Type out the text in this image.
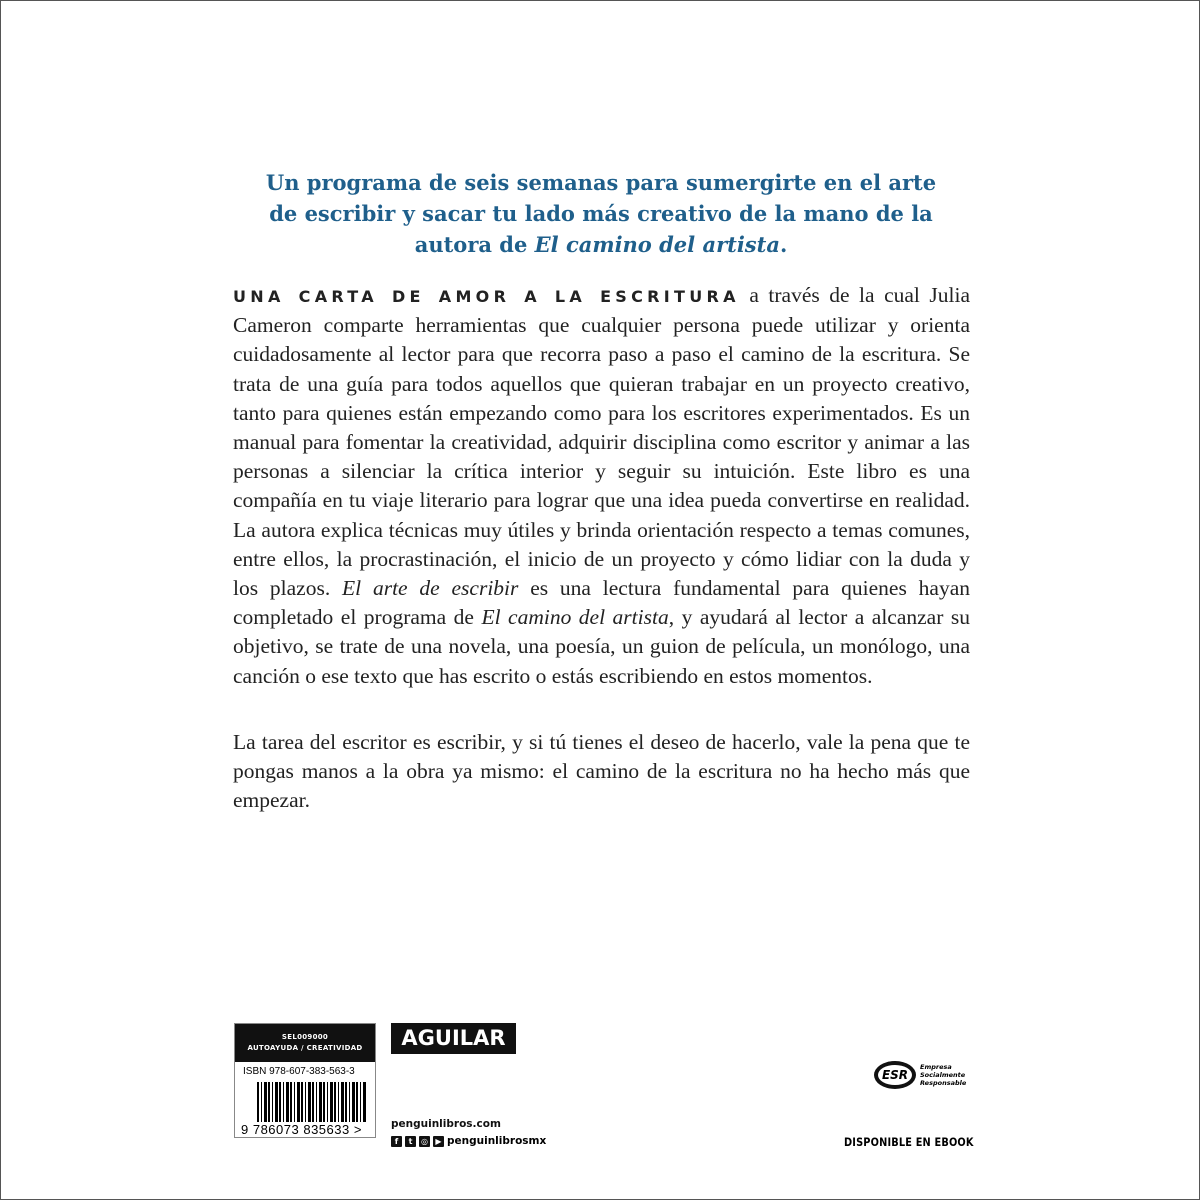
Un programa de seis semanas para sumergirte en el arte de escribir y sacar tu lado más creativo de la mano de la autora de El camino del artista.
UNA CARTA DE AMOR A LA ESCRITURA a través de la cual Julia Cameron comparte herramientas que cualquier persona puede utilizar y orienta cuidadosamente al lector para que recorra paso a paso el camino de la escritura. Se trata de una guía para todos aquellos que quieran trabajar en un proyecto creativo, tanto para quienes están empezando como para los escritores experimentados. Es un manual para fomentar la creatividad, adquirir disciplina como escritor y animar a las personas a silenciar la crítica interior y seguir su intuición. Este libro es una compañía en tu viaje literario para lograr que una idea pueda convertirse en realidad. La autora explica técnicas muy útiles y brinda orientación respecto a temas comunes, entre ellos, la procrastinación, el inicio de un proyecto y cómo lidiar con la duda y los plazos. El arte de escribir es una lectura fundamental para quienes hayan completado el programa de El camino del artista, y ayudará al lector a alcanzar su objetivo, se trate de una novela, una poesía, un guion de película, un monólogo, una canción o ese texto que has escrito o estás escribiendo en estos momentos.
La tarea del escritor es escribir, y si tú tienes el deseo de hacerlo, vale la pena que te pongas manos a la obra ya mismo: el camino de la escritura no ha hecho más que empezar.
SEL009000
AUTOAYUDA / CREATIVIDAD
ISBN 978-607-383-563-3
9 786073 835633 >
AGUILAR
penguinlibros.com
f	t	◎ ▶ penguinlibrosmx
ESR
Empresa
Socialmente
Responsable
DISPONIBLE EN EBOOK
